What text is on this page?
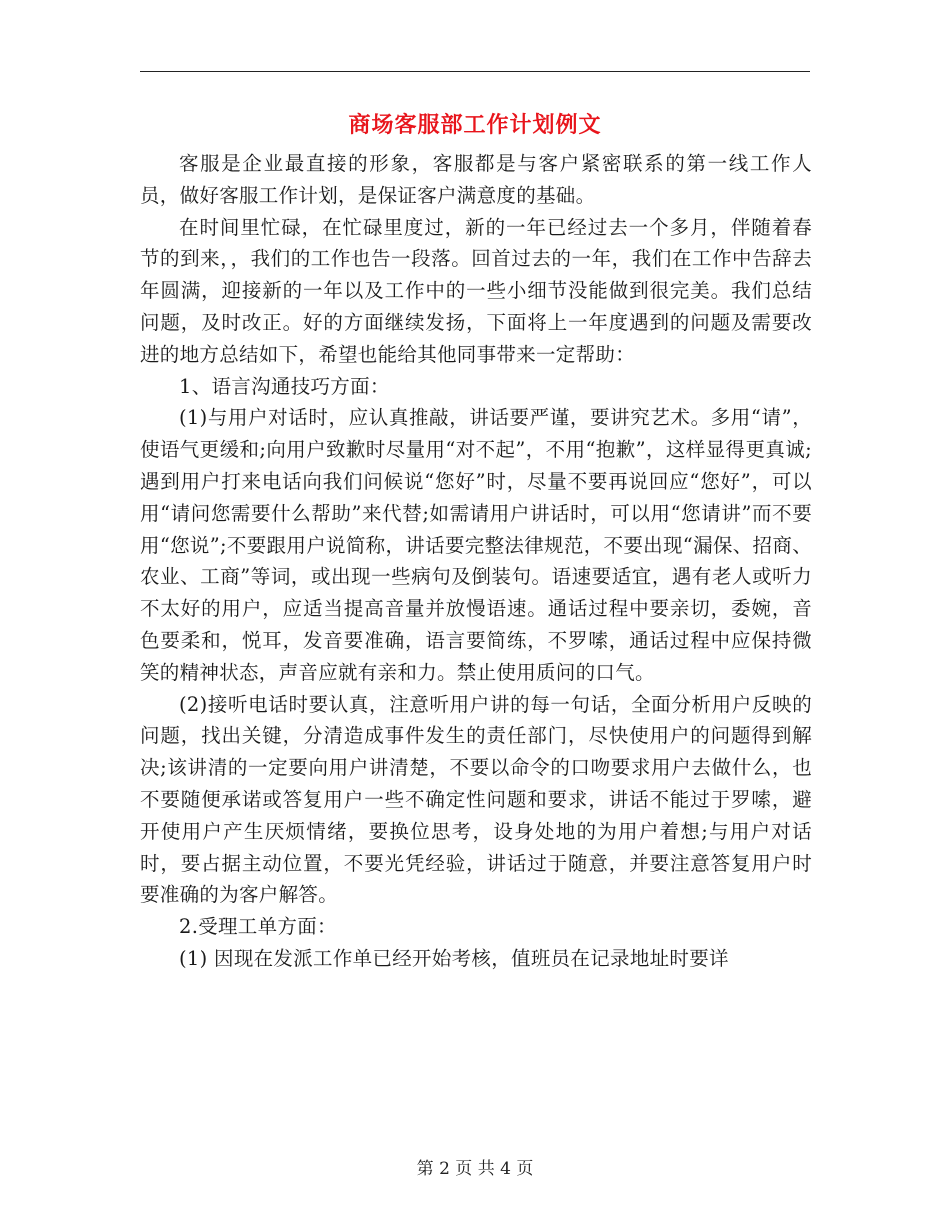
商场客服部工作计划例文

客服是企业最直接的形象，客服都是与客户紧密联系的第一线工作人员，做好客服工作计划，是保证客户满意度的基础。

在时间里忙碌，在忙碌里度过，新的一年已经过去一个多月，伴随着春节的到来，，我们的工作也告一段落。回首过去的一年，我们在工作中告辞去年圆满，迎接新的一年以及工作中的一些小细节没能做到很完美。我们总结问题，及时改正。好的方面继续发扬，下面将上一年度遇到的问题及需要改进的地方总结如下，希望也能给其他同事带来一定帮助：

1、语言沟通技巧方面：

(1)与用户对话时，应认真推敲，讲话要严谨，要讲究艺术。多用“请”，使语气更缓和;向用户致歉时尽量用“对不起”，不用“抱歉”，这样显得更真诚;遇到用户打来电话向我们问候说“您好”时，尽量不要再说回应“您好”，可以用“请问您需要什么帮助”来代替;如需请用户讲话时，可以用“您请讲”而不要用“您说”;不要跟用户说简称，讲话要完整法律规范，不要出现“漏保、招商、农业、工商”等词，或出现一些病句及倒装句。语速要适宜，遇有老人或听力不太好的用户，应适当提高音量并放慢语速。通话过程中要亲切，委婉，音色要柔和，悦耳，发音要准确，语言要简练，不罗嗦，通话过程中应保持微笑的精神状态，声音应就有亲和力。禁止使用质问的口气。

(2)接听电话时要认真，注意听用户讲的每一句话，全面分析用户反映的问题，找出关键，分清造成事件发生的责任部门，尽快使用户的问题得到解决;该讲清的一定要向用户讲清楚，不要以命令的口吻要求用户去做什么，也不要随便承诺或答复用户一些不确定性问题和要求，讲话不能过于罗嗦，避开使用户产生厌烦情绪，要换位思考，设身处地的为用户着想;与用户对话时，要占据主动位置，不要光凭经验，讲话过于随意，并要注意答复用户时要准确的为客户解答。

2.受理工单方面：

(1) 因现在发派工作单已经开始考核，值班员在记录地址时要详

第 2 页 共 4 页
